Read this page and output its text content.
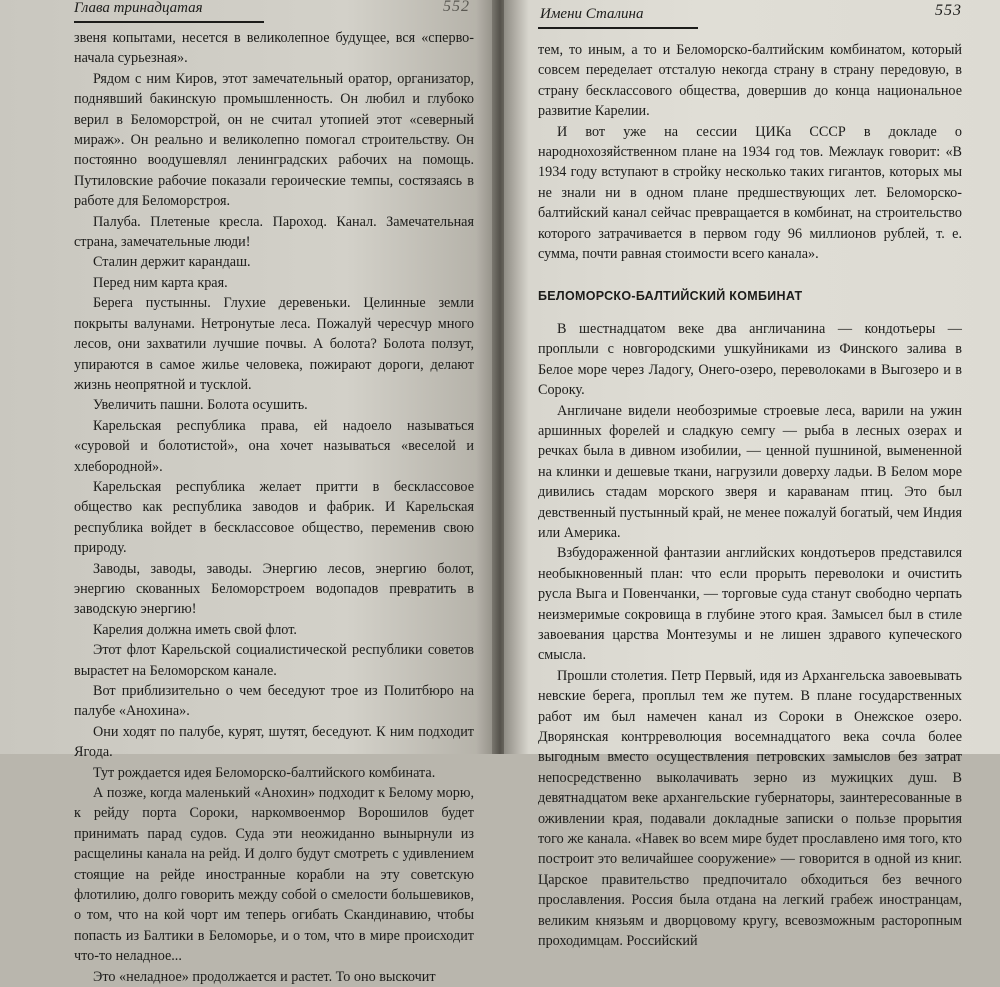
Глава тринадцатая	552

звеня копытами, несется в великолепное будущее, вся «сперво-начала сурьезная».

Рядом с ним Киров, этот замечательный оратор, организатор, поднявший бакинскую промышленность. Он любил и глубоко верил в Беломорстрой, он не считал утопией этот «северный мираж». Он реально и великолепно помогал строительству. Он постоянно воодушевлял ленинградских рабочих на помощь. Путиловские рабочие показали героические темпы, состязаясь в работе для Беломорстроя.

Палуба. Плетеные кресла. Пароход. Канал. Замечательная страна, замечательные люди!

Сталин держит карандаш.

Перед ним карта края.

Берега пустынны. Глухие деревеньки. Целинные земли покрыты валунами. Нетронутые леса. Пожалуй чересчур много лесов, они захватили лучшие почвы. А болота? Болота ползут, упираются в самое жилье человека, пожирают дороги, делают жизнь неопрятной и тусклой.

Увеличить пашни. Болота осушить.

Карельская республика права, ей надоело называться «суровой и болотистой», она хочет называться «веселой и хлебородной».

Карельская республика желает притти в бесклассовое общество как республика заводов и фабрик. И Карельская республика войдет в бесклассовое общество, переменив свою природу.

Заводы, заводы, заводы. Энергию лесов, энергию болот, энергию скованных Беломорстроем водопадов превратить в заводскую энергию!

Карелия должна иметь свой флот.

Этот флот Карельской социалистической республики советов вырастет на Беломорском канале.

Вот приблизительно о чем беседуют трое из Политбюро на палубе «Анохина».

Они ходят по палубе, курят, шутят, беседуют. К ним подходит Ягода.

Тут рождается идея Беломорско-балтийского комбината.

А позже, когда маленький «Анохин» подходит к Белому морю, к рейду порта Сороки, наркомвоенмор Ворошилов будет принимать парад судов. Суда эти неожиданно вынырнули из расщелины канала на рейд. И долго будут смотреть с удивлением стоящие на рейде иностранные корабли на эту советскую флотилию, долго говорить между собой о смелости большевиков, о том, что на кой чорт им теперь огибать Скандинавию, чтобы попасть из Балтики в Беломорье, и о том, что в мире происходит что-то неладное...

Это «неладное» продолжается и растет. То оно выскочит

Имени Сталина	553

тем, то иным, а то и Беломорско-балтийским комбинатом, который совсем переделает отсталую некогда страну в страну передовую, в страну бесклассового общества, довершив до конца национальное развитие Карелии.

И вот уже на сессии ЦИКа СССР в докладе о народнохозяйственном плане на 1934 год тов. Межлаук говорит: «В 1934 году вступают в стройку несколько таких гигантов, которых мы не знали ни в одном плане предшествующих лет. Беломорско-балтийский канал сейчас превращается в комбинат, на строительство которого затрачивается в первом году 96 миллионов рублей, т. е. сумма, почти равная стоимости всего канала».

БЕЛОМОРСКО-БАЛТИЙСКИЙ КОМБИНАТ

В шестнадцатом веке два англичанина — кондотьеры — проплыли с новгородскими ушкуйниками из Финского залива в Белое море через Ладогу, Онего-озеро, переволоками в Выгозеро и в Сороку.

Англичане видели необозримые строевые леса, варили на ужин аршинных форелей и сладкую семгу — рыба в лесных озерах и речках была в дивном изобилии, — ценной пушниной, вымененной на клинки и дешевые ткани, нагрузили доверху ладьи. В Белом море дивились стадам морского зверя и караванам птиц. Это был девственный пустынный край, не менее пожалуй богатый, чем Индия или Америка.

Взбудораженной фантазии английских кондотьеров представился необыкновенный план: что если прорыть переволоки и очистить русла Выга и Повенчанки, — торговые суда станут свободно черпать неизмеримые сокровища в глубине этого края. Замысел был в стиле завоевания царства Монтезумы и не лишен здравого купеческого смысла.

Прошли столетия. Петр Первый, идя из Архангельска завоевывать невские берега, проплыл тем же путем. В плане государственных работ им был намечен канал из Сороки в Онежское озеро. Дворянская контрреволюция восемнадцатого века сочла более выгодным вместо осуществления петровских замыслов без затрат непосредственно выколачивать зерно из мужицких душ. В девятнадцатом веке архангельские губернаторы, заинтересованные в оживлении края, подавали докладные записки о пользе прорытия того же канала. «Навек во всем мире будет прославлено имя того, кто построит это величайшее сооружение» — говорится в одной из книг. Царское правительство предпочитало обходиться без вечного прославления. Россия была отдана на легкий грабеж иностранцам, великим князьям и дворцовому кругу, всевозможным расторопным проходимцам. Российский
